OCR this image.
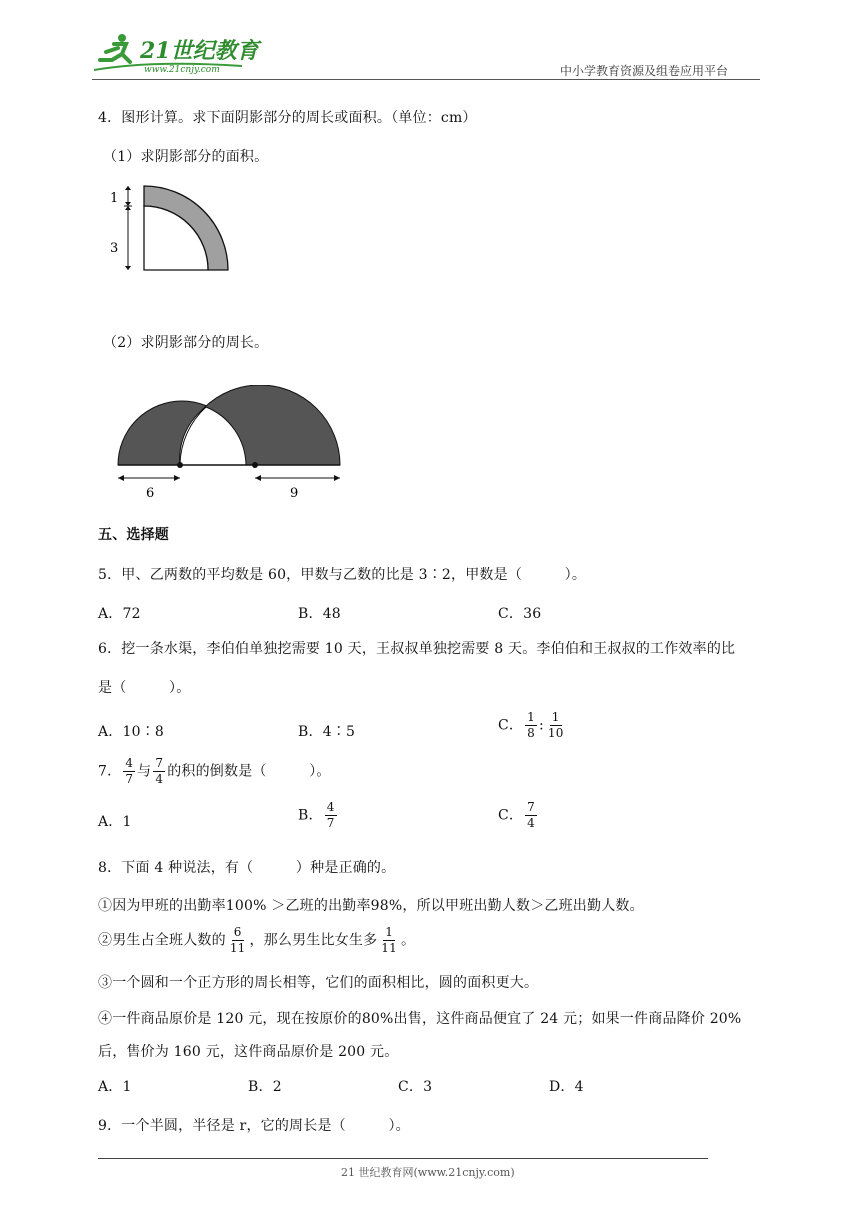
21世纪教育
www.21cnjy.com	中小学教育资源及组卷应用平台
4．图形计算。求下面阴影部分的周长或面积。（单位：cm）
（1）求阴影部分的面积。
1
3
（2）求阴影部分的周长。
6	9
五、选择题
5．甲、乙两数的平均数是 60，甲数与乙数的比是 3∶2，甲数是（　　　）。
A．72	B．48	C．36
6．挖一条水渠，李伯伯单独挖需要 10 天，王叔叔单独挖需要 8 天。李伯伯和王叔叔的工作效率的比
是（　　　）。
A．10∶8	B．4∶5	C． $\frac{1}{8}$ : $\frac{1}{10}$
7． $\frac{4}{7}$ 与 $\frac{7}{4}$ 的积的倒数是（　　　）。
A．1	B． $\frac{4}{7}$	C． $\frac{7}{4}$
8．下面 4 种说法，有（　　　）种是正确的。
①因为甲班的出勤率100% ＞乙班的出勤率98%，所以甲班出勤人数＞乙班出勤人数。
②男生占全班人数的 $\frac{6}{11}$ ，那么男生比女生多 $\frac{1}{11}$ 。
③一个圆和一个正方形的周长相等，它们的面积相比，圆的面积更大。
④一件商品原价是 120 元，现在按原价的80%出售，这件商品便宜了 24 元；如果一件商品降价 20%
后，售价为 160 元，这件商品原价是 200 元。
A．1	B．2	C．3	D．4
9．一个半圆，半径是 r，它的周长是（　　　）。
21 世纪教育网(www.21cnjy.com)
